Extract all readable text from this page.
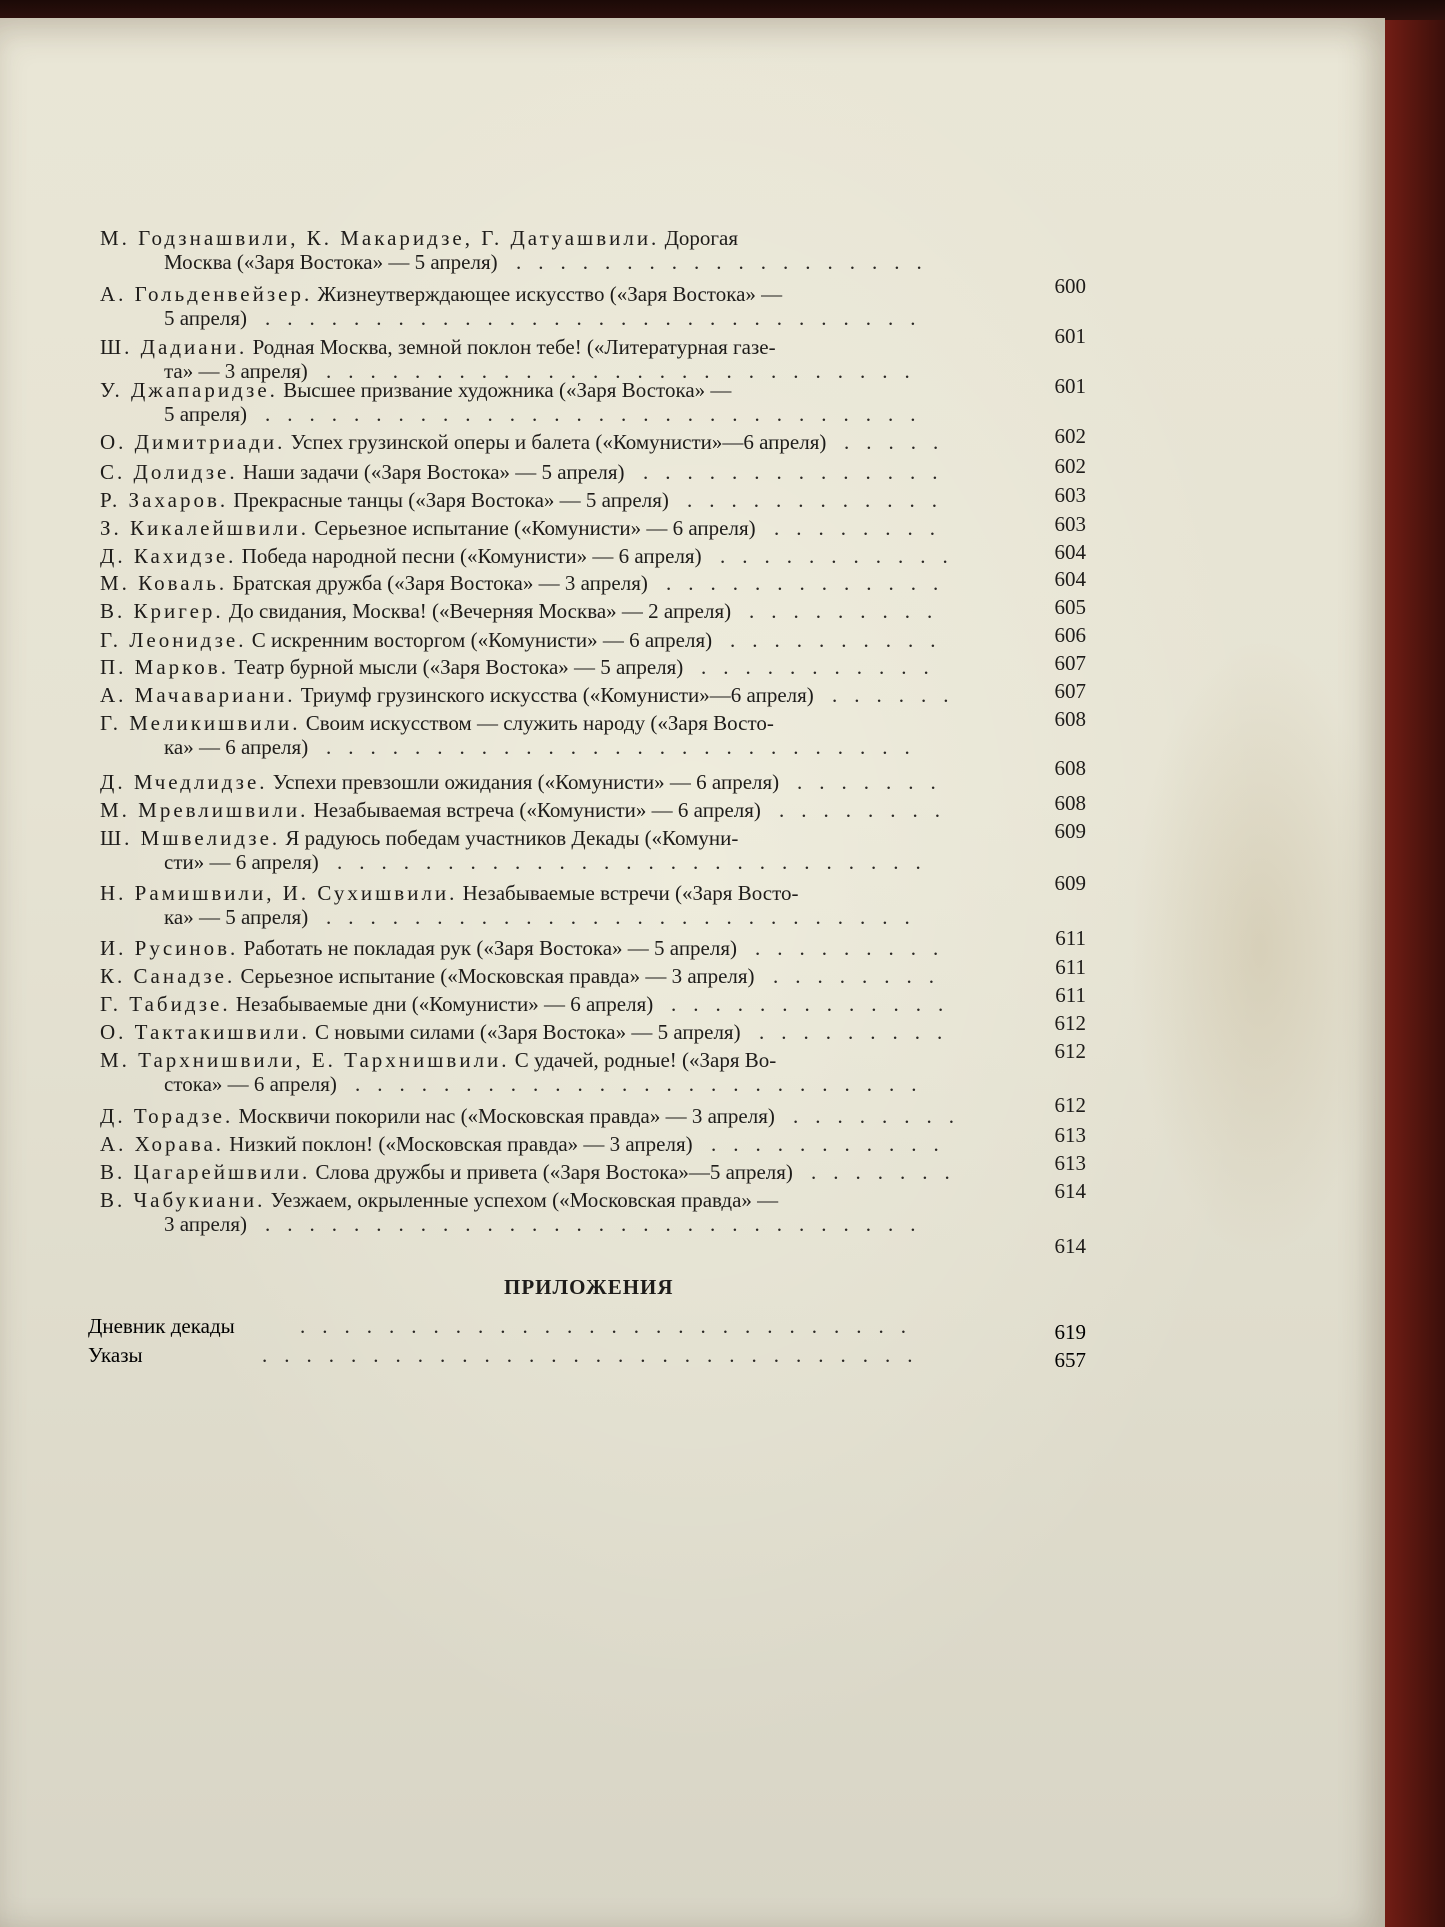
М. Годзнашвили, К. Макаридзе, Г. Датуашвили. Дорогая
Москва («Заря Востока» — 5 апреля)
600
...................
А. Гольденвейзер. Жизнеутверждающее искусство («Заря Востока» —
5 апреля)
601
..............................
Ш. Дадиани. Родная Москва, земной поклон тебе! («Литературная газе-
та» — 3 апреля)
601
...........................
У. Джапаридзе. Высшее призвание художника («Заря Востока» —
5 апреля)
602
..............................
О. Димитриади. Успех грузинской оперы и балета («Комунисти»—6 апреля)
602
.....
С. Долидзе. Наши задачи («Заря Востока» — 5 апреля)
603
..............
Р. Захаров. Прекрасные танцы («Заря Востока» — 5 апреля)
603
............
З. Кикалейшвили. Серьезное испытание («Комунисти» — 6 апреля)
604
........
Д. Кахидзе. Победа народной песни («Комунисти» — 6 апреля)
604
...........
М. Коваль. Братская дружба («Заря Востока» — 3 апреля)
605
.............
В. Кригер. До свидания, Москва! («Вечерняя Москва» — 2 апреля)
606
.........
Г. Леонидзе. С искренним восторгом («Комунисти» — 6 апреля)
607
..........
П. Марков. Театр бурной мысли («Заря Востока» — 5 апреля)
607
...........
А. Мачавариани. Триумф грузинского искусства («Комунисти»—6 апреля)
608
......
Г. Меликишвили. Своим искусством — служить народу («Заря Восто-
ка» — 6 апреля)
608
...........................
Д. Мчедлидзе. Успехи превзошли ожидания («Комунисти» — 6 апреля)
608
.......
М. Мревлишвили. Незабываемая встреча («Комунисти» — 6 апреля)
609
........
Ш. Мшвелидзе. Я радуюсь победам участников Декады («Комуни-
сти» — 6 апреля)
609
...........................
Н. Рамишвили, И. Сухишвили. Незабываемые встречи («Заря Восто-
ка» — 5 апреля)
611
...........................
И. Русинов. Работать не покладая рук («Заря Востока» — 5 апреля)
611
.........
К. Санадзе. Серьезное испытание («Московская правда» — 3 апреля)
611
........
Г. Табидзе. Незабываемые дни («Комунисти» — 6 апреля)
612
.............
О. Тактакишвили. С новыми силами («Заря Востока» — 5 апреля)
612
.........
М. Тархнишвили, Е. Тархнишвили. С удачей, родные! («Заря Во-
стока» — 6 апреля)
612
..........................
Д. Торадзе. Москвичи покорили нас («Московская правда» — 3 апреля)
613
........
А. Хорава. Низкий поклон! («Московская правда» — 3 апреля)
613
...........
В. Цагарейшвили. Слова дружбы и привета («Заря Востока»—5 апреля)
614
.......
В. Чабукиани. Уезжаем, окрыленные успехом («Московская правда» —
3 апреля)
614
..............................
ПРИЛОЖЕНИЯ
Дневник декады	619
............................
Указы	657
..............................
